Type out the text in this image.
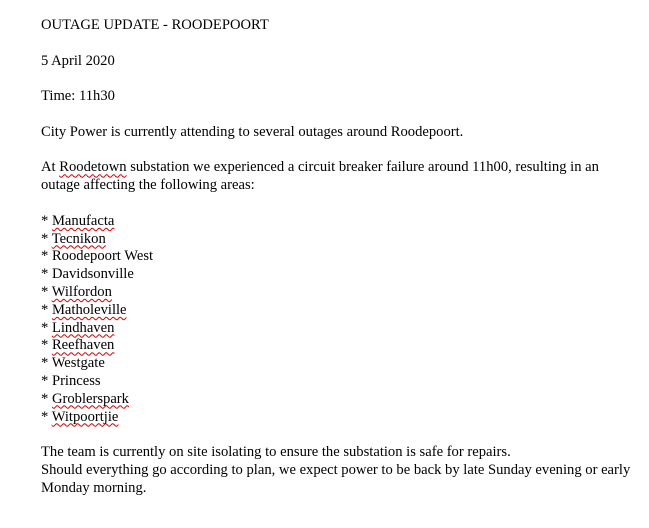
OUTAGE UPDATE - ROODEPOORT

5 April 2020

Time: 11h30

City Power is currently attending to several outages around Roodepoort.

At Roodetown substation we experienced a circuit breaker failure around 11h00, resulting in an outage affecting the following areas:

* Manufacta
* Tecnikon
* Roodepoort West
* Davidsonville
* Wilfordon
* Matholeville
* Lindhaven
* Reefhaven
* Westgate
* Princess
* Groblerspark
* Witpoortjie

The team is currently on site isolating to ensure the substation is safe for repairs.
Should everything go according to plan, we expect power to be back by late Sunday evening or early Monday morning.
